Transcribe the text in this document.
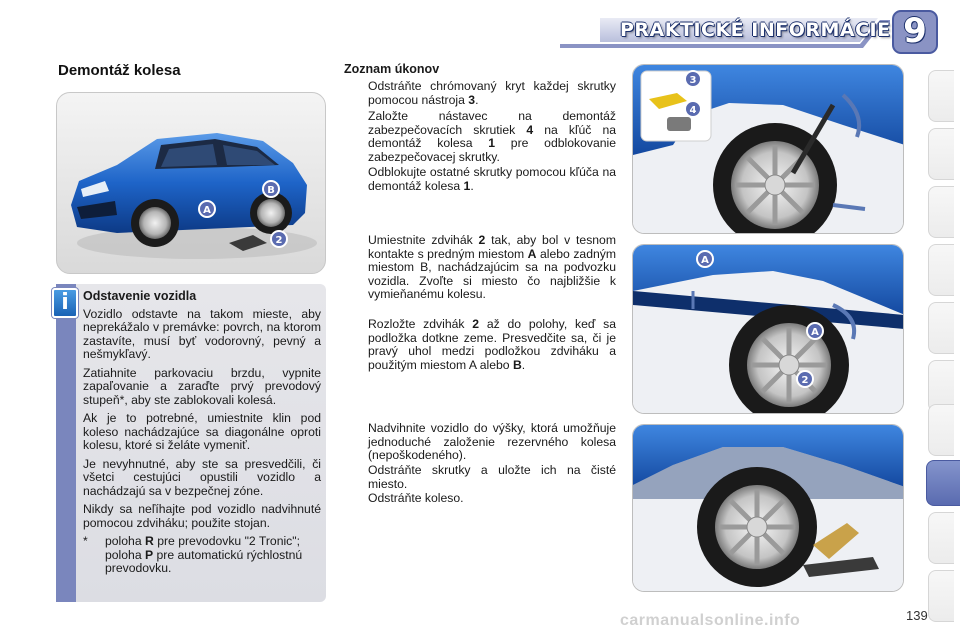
PRAKTICKÉ INFORMÁCIE 9
Demontáž kolesa
A
B
2
i	Odstavenie vozidla

Vozidlo odstavte na takom mieste, aby neprekážalo v premávke: povrch, na ktorom zastavíte, musí byť vodorovný, pevný a nešmykľavý.

Zatiahnite parkovaciu brzdu, vypnite zapaľovanie a zaraďte prvý prevodový stupeň*, aby ste zablokovali kolesá.

Ak je to potrebné, umiestnite klin pod koleso nachádzajúce sa diagonálne oproti kolesu, ktoré si želáte vymeniť.

Je nevyhnutné, aby ste sa presvedčili, či všetci cestujúci opustili vozidlo a nachádzajú sa v bezpečnej zóne.

Nikdy sa neľíhajte pod vozidlo nadvihnuté pomocou zdviháku; použite stojan.

*	poloha R pre prevodovku "2 Tronic"; poloha P pre automatickú rýchlostnú prevodovku.
Zoznam úkonov
Odstráňte chrómovaný kryt každej skrutky pomocou nástroja 3.
Založte nástavec na demontáž zabezpečovacích skrutiek 4 na kľúč na demontáž kolesa 1 pre odblokovanie zabezpečovacej skrutky.
Odblokujte ostatné skrutky pomocou kľúča na demontáž kolesa 1.
Umiestnite zdvihák 2 tak, aby bol v tesnom kontakte s predným miestom A alebo zadným miestom B, nachádzajúcim sa na podvozku vozidla. Zvoľte si miesto čo najbližšie k vymieňanému kolesu.
Rozložte zdvihák 2 až do polohy, keď sa podložka dotkne zeme. Presvedčite sa, či je pravý uhol medzi podložkou zdviháku a použitým miestom A alebo B.
Nadvihnite vozidlo do výšky, ktorá umožňuje jednoduché založenie rezervného kolesa (nepoškodeného).
Odstráňte skrutky a uložte ich na čisté miesto.
Odstráňte koleso.
3
4
A
A
2
carmanualsonline.info	139
